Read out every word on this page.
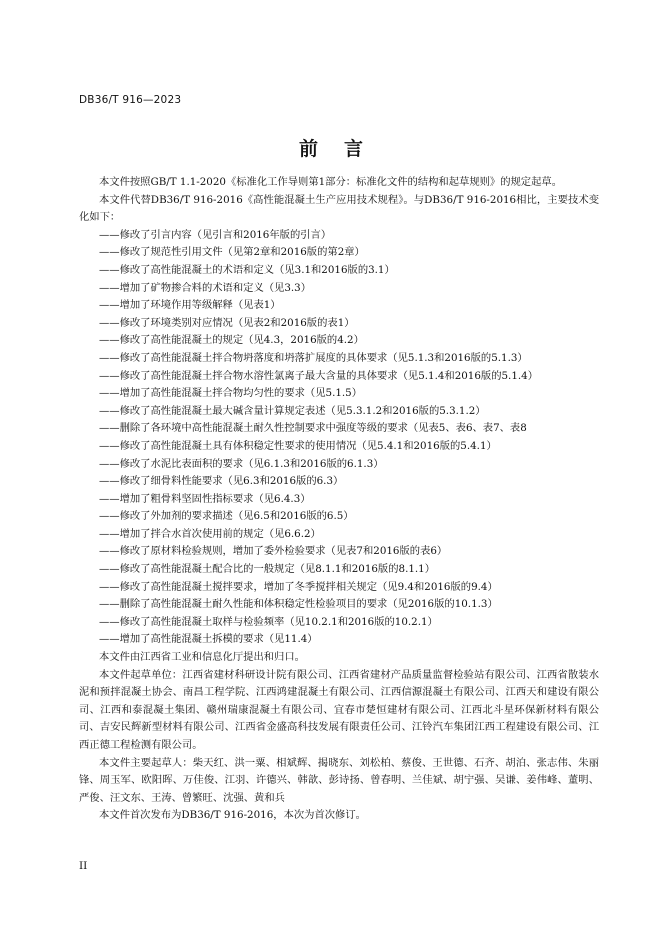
DB36/T 916—2023
前言

本文件按照GB/T 1.1-2020《标准化工作导则第1部分：标准化文件的结构和起草规则》的规定起草。

本文件代替DB36/T 916-2016《高性能混凝土生产应用技术规程》。与DB36/T 916-2016相比，主要技术变化如下：

——修改了引言内容（见引言和2016年版的引言）

——修改了规范性引用文件（见第2章和2016版的第2章）

——修改了高性能混凝土的术语和定义（见3.1和2016版的3.1）

——增加了矿物掺合料的术语和定义（见3.3）

——增加了环境作用等级解释（见表1）

——修改了环境类别对应情况（见表2和2016版的表1）

——修改了高性能混凝土的规定（见4.3，2016版的4.2）

——修改了高性能混凝土拌合物坍落度和坍落扩展度的具体要求（见5.1.3和2016版的5.1.3）

——修改了高性能混凝土拌合物水溶性氯离子最大含量的具体要求（见5.1.4和2016版的5.1.4）

——增加了高性能混凝土拌合物均匀性的要求（见5.1.5）

——修改了高性能混凝土最大碱含量计算规定表述（见5.3.1.2和2016版的5.3.1.2）

——删除了各环境中高性能混凝土耐久性控制要求中强度等级的要求（见表5、表6、表7、表8

——修改了高性能混凝土具有体积稳定性要求的使用情况（见5.4.1和2016版的5.4.1）

——修改了水泥比表面积的要求（见6.1.3和2016版的6.1.3）

——修改了细骨料性能要求（见6.3和2016版的6.3）

——增加了粗骨料坚固性指标要求（见6.4.3）

——修改了外加剂的要求描述（见6.5和2016版的6.5）

——增加了拌合水首次使用前的规定（见6.6.2）

——修改了原材料检验规则，增加了委外检验要求（见表7和2016版的表6）

——修改了高性能混凝土配合比的一般规定（见8.1.1和2016版的8.1.1）

——修改了高性能混凝土搅拌要求，增加了冬季搅拌相关规定（见9.4和2016版的9.4）

——删除了高性能混凝土耐久性能和体积稳定性检验项目的要求（见2016版的10.1.3）

——修改了高性能混凝土取样与检验频率（见10.2.1和2016版的10.2.1）

——增加了高性能混凝土拆模的要求（见11.4）

本文件由江西省工业和信息化厅提出和归口。

本文件起草单位：江西省建材科研设计院有限公司、江西省建材产品质量监督检验站有限公司、江西省散装水泥和预拌混凝土协会、南昌工程学院、江西鸿建混凝土有限公司、江西信源混凝土有限公司、江西天和建设有限公司、江西和泰混凝土集团、赣州瑞康混凝土有限公司、宜春市楚恒建材有限公司、江西北斗星环保新材料有限公司、吉安民辉新型材料有限公司、江西省金盛高科技发展有限责任公司、江铃汽车集团江西工程建设有限公司、江西正德工程检测有限公司。

本文件主要起草人：柴天红、洪一粟、相斌辉、揭晓东、刘松柏、蔡俊、王世德、石齐、胡泊、张志伟、朱丽锋、周玉军、欧阳晖、万佳俊、江羽、许德兴、韩歆、彭诗扬、曾春明、兰佳斌、胡宁强、吴谦、姜伟峰、董明、严俊、汪文东、王涛、曾繁旺、沈强、黄和兵

本文件首次发布为DB36/T 916-2016，本次为首次修订。

II
